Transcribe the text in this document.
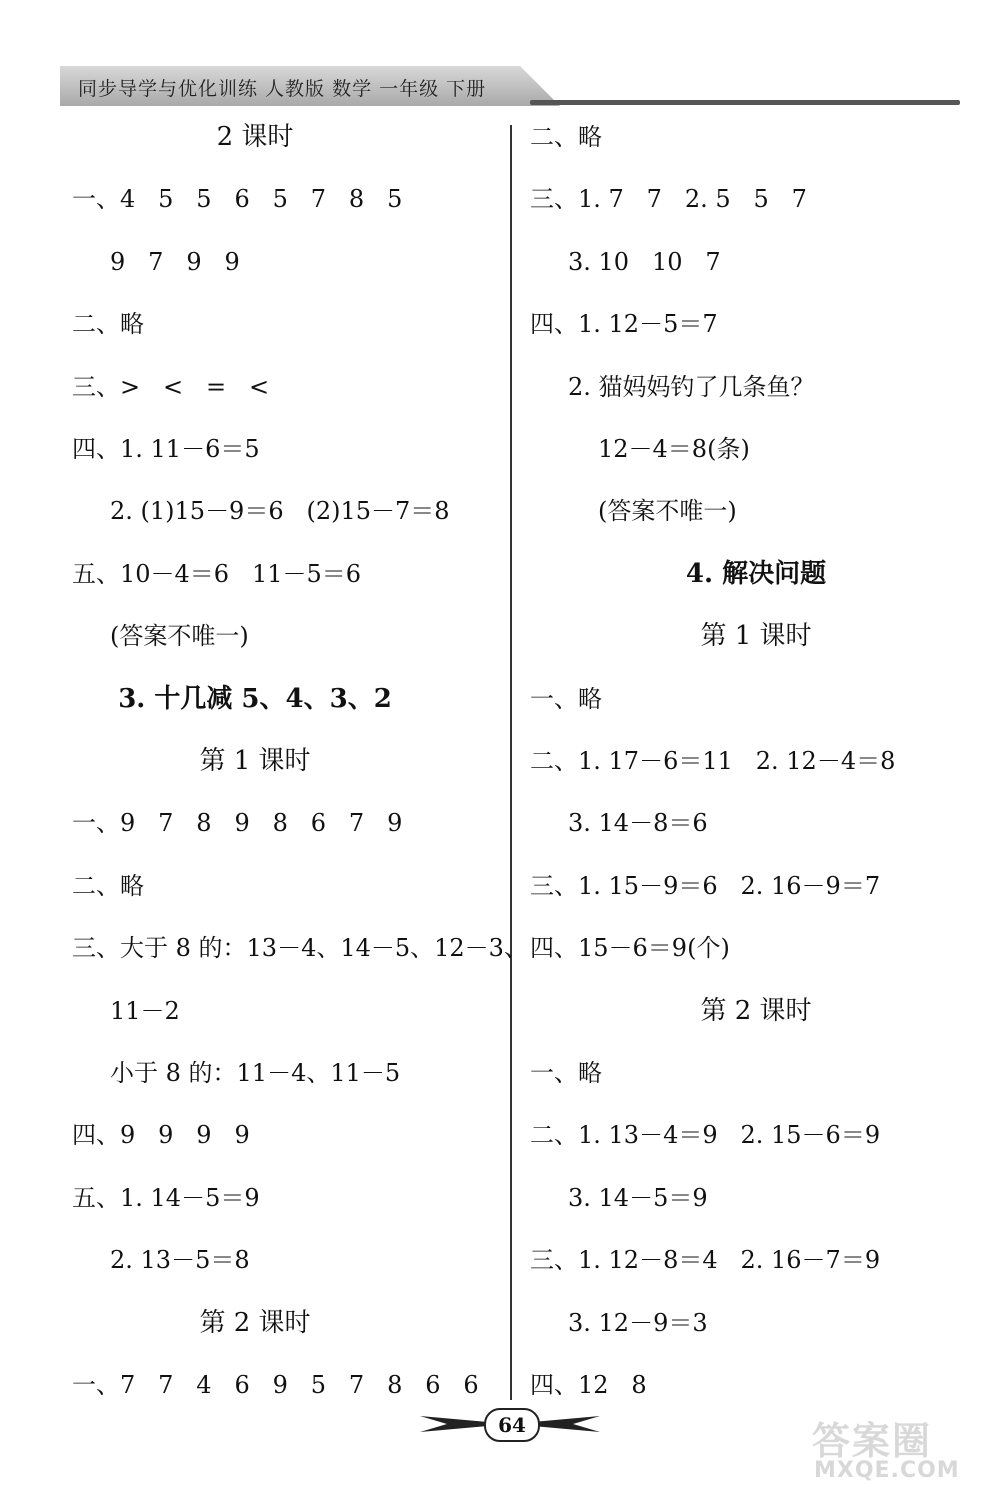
同步导学与优化训练 人教版 数学 一年级 下册
2 课时
一、4   5   5   6   5   7   8   5
9   7   9   9
二、略
三、>   <   =   <
四、1. 11－6＝5
2. (1)15－9＝6   (2)15－7＝8
五、10－4＝6   11－5＝6
(答案不唯一)
3. 十几减 5、4、3、2
第 1 课时
一、9   7   8   9   8   6   7   9
二、略
三、大于 8 的：13－4、14－5、12－3、
11－2
小于 8 的：11－4、11－5
四、9   9   9   9
五、1. 14－5＝9
2. 13－5＝8
第 2 课时
一、7   7   4   6   9   5   7   8   6   6
二、略
三、1. 7   7   2. 5   5   7
3. 10   10   7
四、1. 12－5＝7
2. 猫妈妈钓了几条鱼？
12－4＝8(条)
(答案不唯一)
4. 解决问题
第 1 课时
一、略
二、1. 17－6＝11   2. 12－4＝8
3. 14－8＝6
三、1. 15－9＝6   2. 16－9＝7
四、15－6＝9(个)
第 2 课时
一、略
二、1. 13－4＝9   2. 15－6＝9
3. 14－5＝9
三、1. 12－8＝4   2. 16－7＝9
3. 12－9＝3
四、12   8
64	答案圈
MXQE.COM
